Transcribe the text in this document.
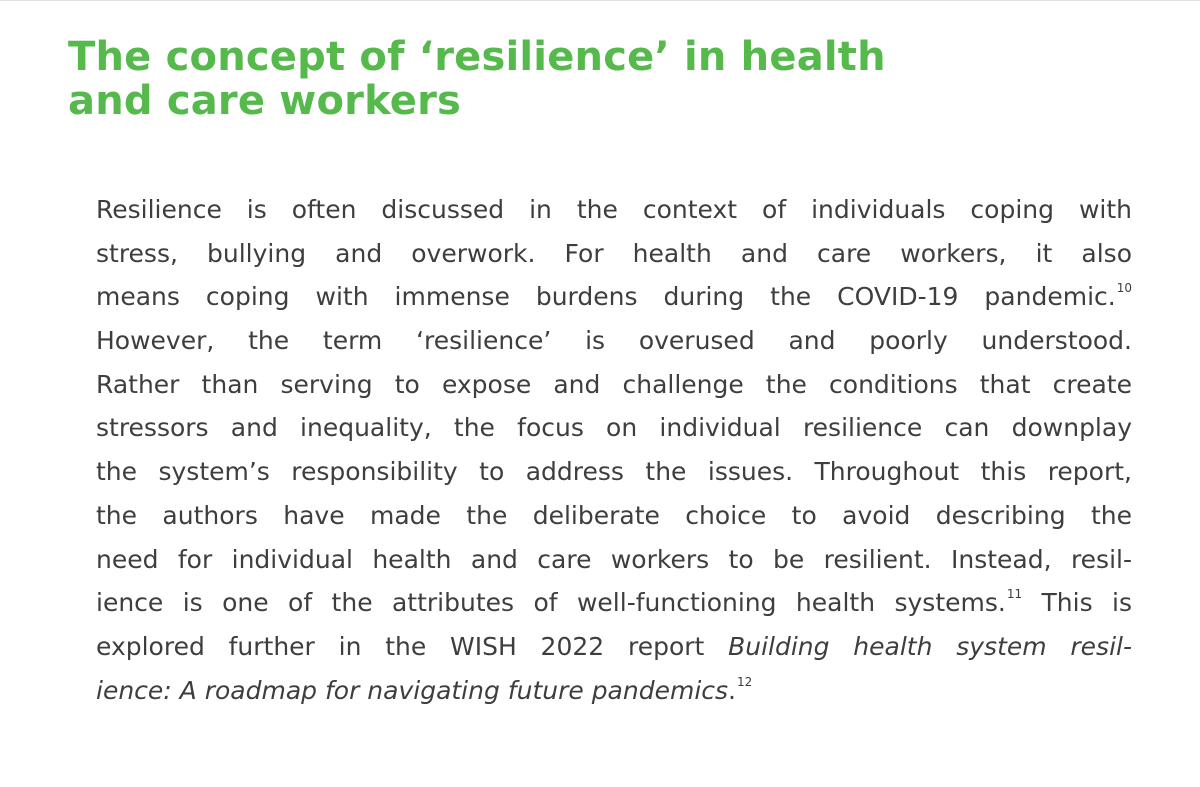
The concept of ‘resilience’ in health
and care workers
Resilience is often discussed in the context of individuals coping with
stress, bullying and overwork. For health and care workers, it also
means coping with immense burdens during the COVID-19 pandemic.$^{10}$
However, the term ‘resilience’ is overused and poorly understood.
Rather than serving to expose and challenge the conditions that create
stressors and inequality, the focus on individual resilience can downplay
the system’s responsibility to address the issues. Throughout this report,
the authors have made the deliberate choice to avoid describing the
need for individual health and care workers to be resilient. Instead, resil-
ience is one of the attributes of well-functioning health systems.$^{11}$ This is
explored further in the WISH 2022 report Building health system resil-
ience: A roadmap for navigating future pandemics.$^{12}$
